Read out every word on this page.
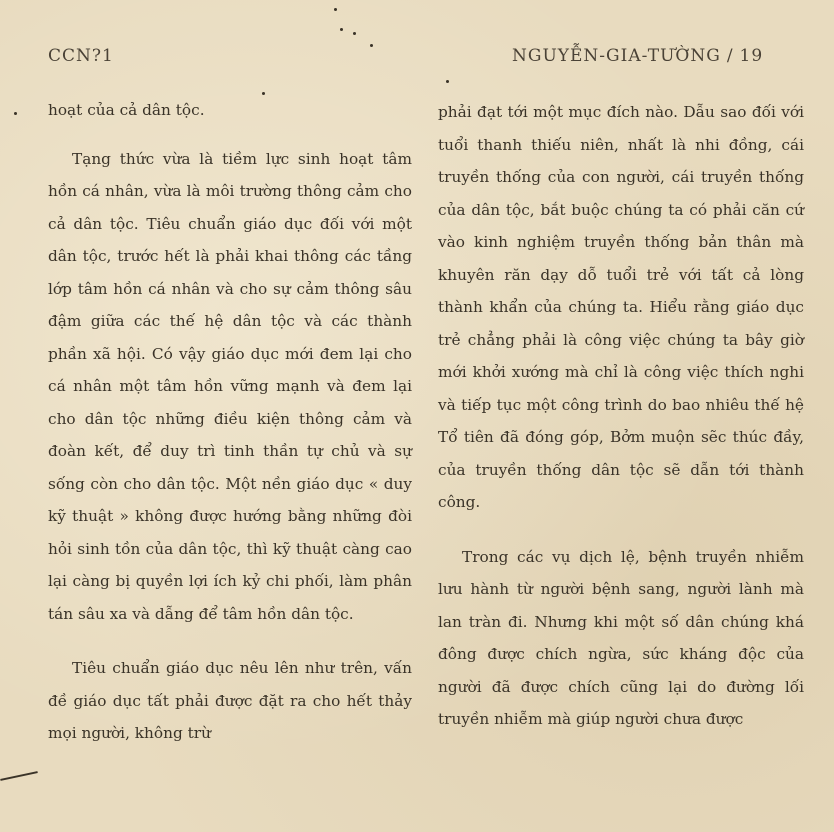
CCN?1	NGUYỄN-GIA-TƯỜNG / 19

hoạt của cả dân tộc.

Tạng thức vừa là tiềm lực sinh hoạt tâm hồn cá nhân, vừa là môi trường thông cảm cho cả dân tộc. Tiêu chuẩn giáo dục đối với một dân tộc, trước hết là phải khai thông các tầng lớp tâm hồn cá nhân và cho sự cảm thông sâu đậm giữa các thế hệ dân tộc và các thành phần xã hội. Có vậy giáo dục mới đem lại cho cá nhân một tâm hồn vững mạnh và đem lại cho dân tộc những điều kiện thông cảm và đoàn kết, để duy trì tinh thần tự chủ và sự sống còn cho dân tộc. Một nền giáo dục « duy kỹ thuật » không được hướng bằng những đòi hỏi sinh tồn của dân tộc, thì kỹ thuật càng cao lại càng bị quyền lợi ích kỷ chi phối, làm phân tán sâu xa và dẫng để tâm hồn dân tộc.

Tiêu chuẩn giáo dục nêu lên như trên, vấn đề giáo dục tất phải được đặt ra cho hết thảy mọi người, không trừ

phải đạt tới một mục đích nào. Dẫu sao đối với tuổi thanh thiếu niên, nhất là nhi đồng, cái truyền thống của con người, cái truyền thống của dân tộc, bắt buộc chúng ta có phải căn cứ vào kinh nghiệm truyền thống bản thân mà khuyên răn dạy dỗ tuổi trẻ với tất cả lòng thành khẩn của chúng ta. Hiểu rằng giáo dục trẻ chẳng phải là công việc chúng ta bây giờ mới khởi xướng mà chỉ là công việc thích nghi và tiếp tục một công trình do bao nhiêu thế hệ Tổ tiên đã đóng góp, Bởm muộn sẽc thúc đầy, của truyền thống dân tộc sẽ dẫn tới thành công.

Trong các vụ dịch lệ, bệnh truyền nhiễm lưu hành từ người bệnh sang, người lành mà lan tràn đi. Nhưng khi một số dân chúng khá đông được chích ngừa, sức kháng độc của người đã được chích cũng lại do đường lối truyền nhiễm mà giúp người chưa được
